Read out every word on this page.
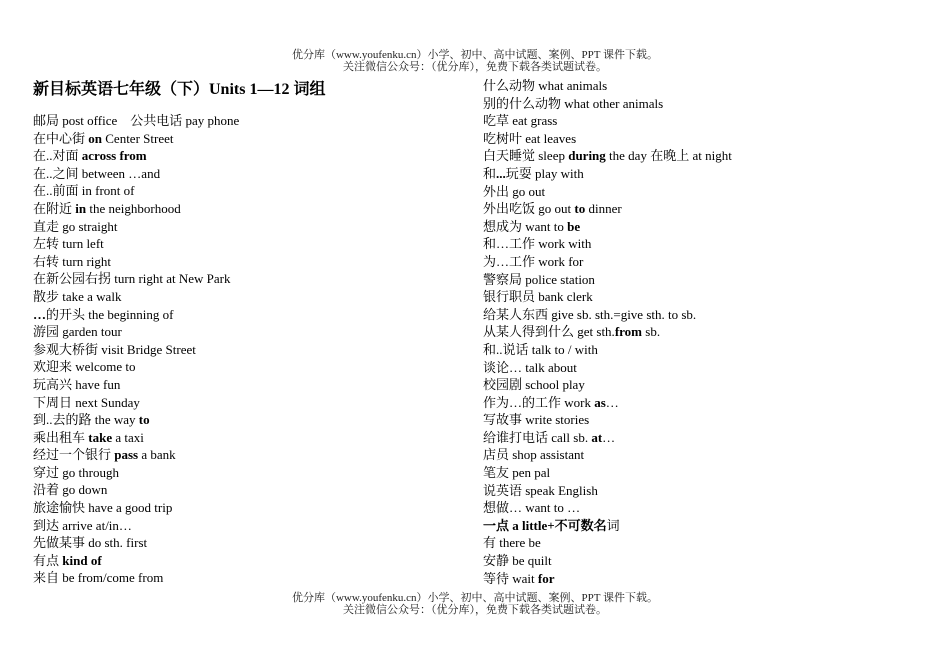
优分库（www.youfenku.cn）小学、初中、高中试题、案例、PPT 课件下载。
关注微信公众号：（优分库），免费下载各类试题试卷。
新目标英语七年级（下）Units 1—12 词组
邮局 post office　公共电话 pay phone
在中心街 on Center Street
在..对面 across from
在..之间 between …and
在..前面 in front of
在附近 in the neighborhood
直走 go straight
左转 turn left
右转 turn right
在新公园右拐 turn right at New Park
散步 take a walk
…的开头 the beginning of
游园 garden tour
参观大桥街 visit Bridge Street
欢迎来 welcome to
玩高兴 have fun
下周日 next Sunday
到..去的路 the way to
乘出租车 take a taxi
经过一个银行 pass a bank
穿过 go through
沿着 go down
旅途愉快 have a good trip
到达 arrive at/in…
先做某事 do sth. first
有点 kind of
来自 be from/come from
什么动物 what animals
别的什么动物 what other animals
吃草 eat grass
吃树叶 eat leaves
白天睡觉 sleep during the day 在晚上 at night
和...玩耍 play with
外出 go out
外出吃饭 go out to dinner
想成为 want to be
和…工作 work with
为…工作 work for
警察局 police station
银行职员 bank clerk
给某人东西 give sb. sth.=give sth. to sb.
从某人得到什么 get sth.from sb.
和..说话 talk to / with
谈论… talk about
校园剧 school play
作为…的工作 work as…
写故事 write stories
给谁打电话 call sb. at…
店员 shop assistant
笔友 pen pal
说英语 speak English
想做… want to …
一点 a little+不可数名词
有 there be
安静 be quilt
等待 wait for
优分库（www.youfenku.cn）小学、初中、高中试题、案例、PPT 课件下载。
关注微信公众号：（优分库），免费下载各类试题试卷。
